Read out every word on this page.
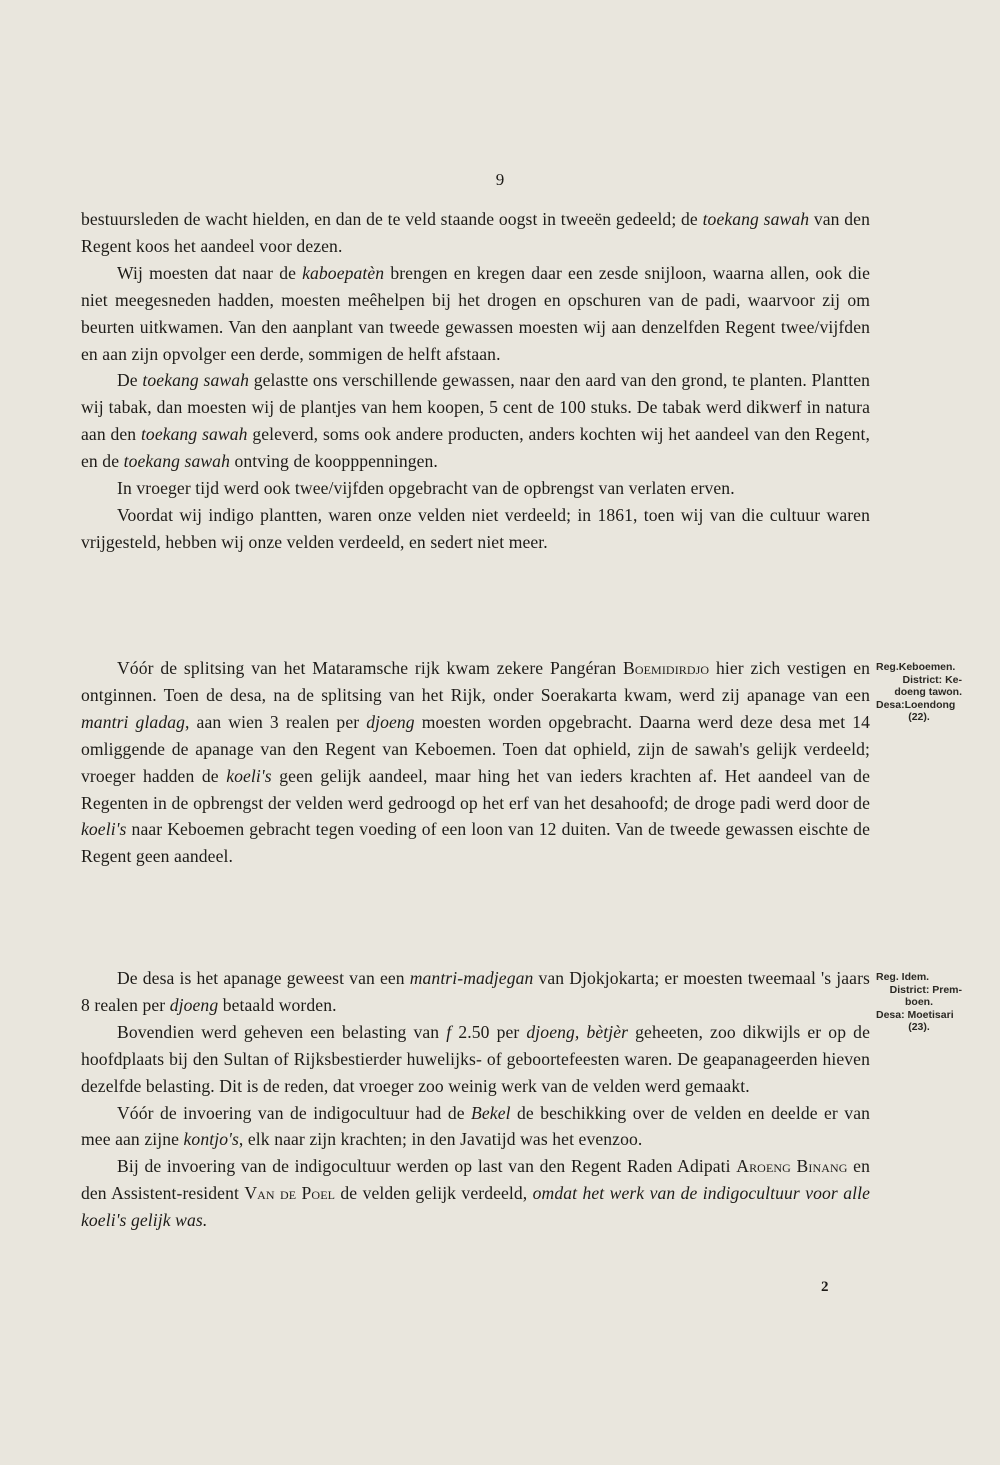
9

bestuursleden de wacht hielden, en dan de te veld staande oogst in tweeën gedeeld; de toekang sawah van den Regent koos het aandeel voor dezen.

Wij moesten dat naar de kaboepatèn brengen en kregen daar een zesde snijloon, waarna allen, ook die niet meegesneden hadden, moesten meêhelpen bij het drogen en opschuren van de padi, waarvoor zij om beurten uitkwamen. Van den aanplant van tweede gewassen moesten wij aan denzelfden Regent twee/vijfden en aan zijn opvolger een derde, sommigen de helft afstaan.

De toekang sawah gelastte ons verschillende gewassen, naar den aard van den grond, te planten. Plantten wij tabak, dan moesten wij de plantjes van hem koopen, 5 cent de 100 stuks. De tabak werd dikwerf in natura aan den toekang sawah geleverd, soms ook andere producten, anders kochten wij het aandeel van den Regent, en de toekang sawah ontving de koopppenningen.

In vroeger tijd werd ook twee/vijfden opgebracht van de opbrengst van verlaten erven.

Voordat wij indigo plantten, waren onze velden niet verdeeld; in 1861, toen wij van die cultuur waren vrijgesteld, hebben wij onze velden verdeeld, en sedert niet meer.

Vóór de splitsing van het Mataramsche rijk kwam zekere Pangéran Boemidirdjo hier zich vestigen en ontginnen. Toen de desa, na de splitsing van het Rijk, onder Soerakarta kwam, werd zij apanage van een mantri gladag, aan wien 3 realen per djoeng moesten worden opgebracht. Daarna werd deze desa met 14 omliggende de apanage van den Regent van Keboemen. Toen dat ophield, zijn de sawah's gelijk verdeeld; vroeger hadden de koeli's geen gelijk aandeel, maar hing het van ieders krachten af. Het aandeel van de Regenten in de opbrengst der velden werd gedroogd op het erf van het desahoofd; de droge padi werd door de koeli's naar Keboemen gebracht tegen voeding of een loon van 12 duiten. Van de tweede gewassen eischte de Regent geen aandeel.

Reg.Keboemen.
District: Ke-
doeng tawon.
Desa:Loendong
(22).

De desa is het apanage geweest van een mantri-madjegan van Djokjokarta; er moesten tweemaal 's jaars 8 realen per djoeng betaald worden.

Bovendien werd geheven een belasting van f 2.50 per djoeng, bètjèr geheeten, zoo dikwijls er op de hoofdplaats bij den Sultan of Rijksbestierder huwelijks- of geboortefeesten waren. De geapanageerden hieven dezelfde belasting. Dit is de reden, dat vroeger zoo weinig werk van de velden werd gemaakt.

Vóór de invoering van de indigocultuur had de Bekel de beschikking over de velden en deelde er van mee aan zijne kontjo's, elk naar zijn krachten; in den Javatijd was het evenzoo.

Bij de invoering van de indigocultuur werden op last van den Regent Raden Adipati Aroeng Binang en den Assistent-resident Van de Poel de velden gelijk verdeeld, omdat het werk van de indigocultuur voor alle koeli's gelijk was.

Reg. Idem.
District: Prem-
boen.
Desa: Moetisari
(23).
2
